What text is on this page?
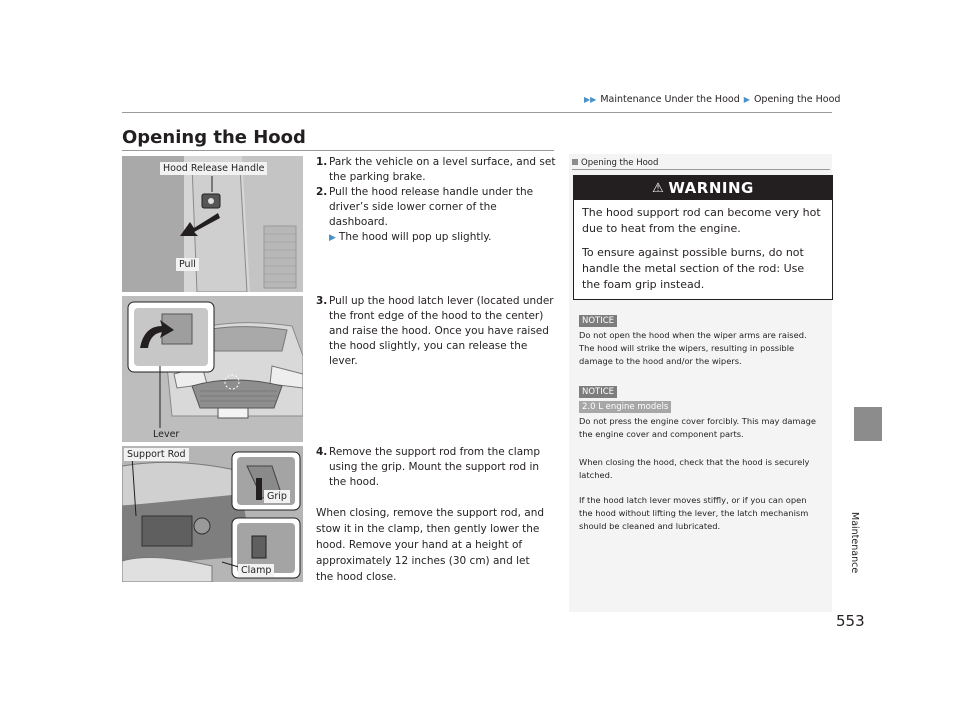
▶▶ Maintenance Under the Hood ▶ Opening the Hood
Maintenance
553
Opening the Hood
Hood Release Handle
Pull
Lever
Support Rod
Grip
Clamp
1. Park the vehicle on a level surface, and set the parking brake.
2. Pull the hood release handle under the driver’s side lower corner of the dashboard.
▶ The hood will pop up slightly.
3. Pull up the hood latch lever (located under the front edge of the hood to the center) and raise the hood. Once you have raised the hood slightly, you can release the lever.
4. Remove the support rod from the clamp using the grip. Mount the support rod in the hood.
When closing, remove the support rod, and stow it in the clamp, then gently lower the hood. Remove your hand at a height of approximately 12 inches (30 cm) and let the hood close.
Opening the Hood
⚠ WARNING

The hood support rod can become very hot due to heat from the engine.

To ensure against possible burns, do not handle the metal section of the rod: Use the foam grip instead.

NOTICE
Do not open the hood when the wiper arms are raised. The hood will strike the wipers, resulting in possible damage to the hood and/or the wipers.
NOTICE
2.0 L engine models
Do not press the engine cover forcibly. This may damage the engine cover and component parts.
When closing the hood, check that the hood is securely latched.
If the hood latch lever moves stiffly, or if you can open the hood without lifting the lever, the latch mechanism should be cleaned and lubricated.
